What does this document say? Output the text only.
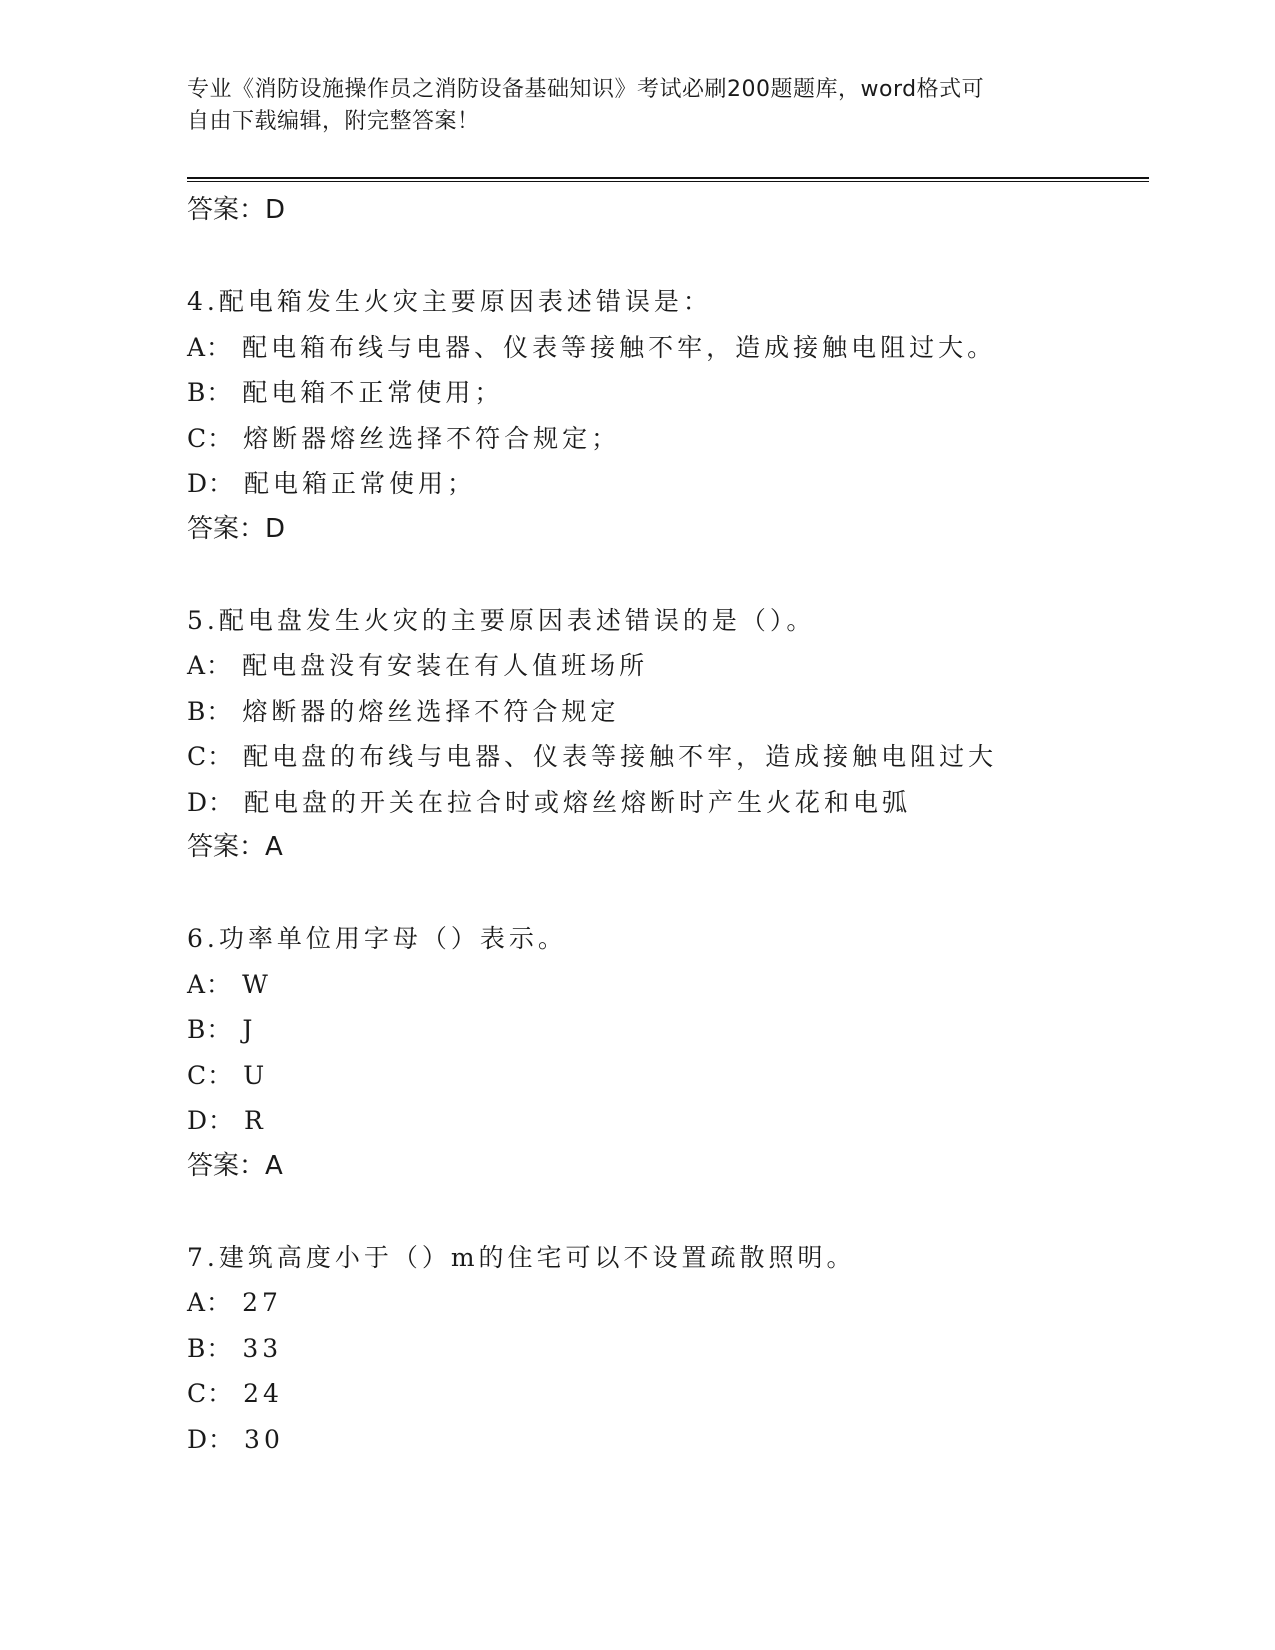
专业《消防设施操作员之消防设备基础知识》考试必刷200题题库，word格式可
自由下载编辑，附完整答案！

答案：D

4.配电箱发生火灾主要原因表述错误是：

A： 配电箱布线与电器、仪表等接触不牢，造成接触电阻过大。

B： 配电箱不正常使用；

C： 熔断器熔丝选择不符合规定；

D： 配电箱正常使用；

答案：D

5.配电盘发生火灾的主要原因表述错误的是（）。

A： 配电盘没有安装在有人值班场所

B： 熔断器的熔丝选择不符合规定

C： 配电盘的布线与电器、仪表等接触不牢，造成接触电阻过大

D： 配电盘的开关在拉合时或熔丝熔断时产生火花和电弧

答案：A

6.功率单位用字母（）表示。

A： W

B： J

C： U

D： R

答案：A

7.建筑高度小于（）m的住宅可以不设置疏散照明。

A： 27

B： 33

C： 24

D： 30
